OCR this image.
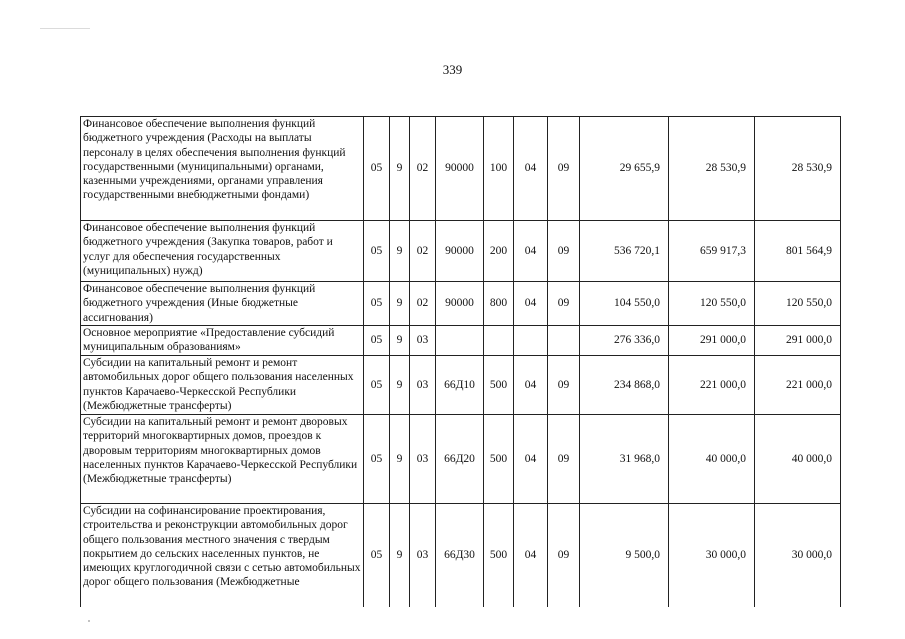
339
Финансовое обеспечение выполнения функций бюджетного учреждения (Расходы на выплаты персоналу в целях обеспечения выполнения функций государственными (муниципальными) органами, казенными учреждениями, органами управления государственными внебюджетными фондами)	05	9	02	90000	100	04	09	29 655,9	28 530,9	28 530,9
Финансовое обеспечение выполнения функций бюджетного учреждения (Закупка товаров, работ и услуг для обеспечения государственных (муниципальных) нужд)	05	9	02	90000	200	04	09	536 720,1	659 917,3	801 564,9
Финансовое обеспечение выполнения функций бюджетного учреждения (Иные бюджетные ассигнования)	05	9	02	90000	800	04	09	104 550,0	120 550,0	120 550,0
Основное мероприятие «Предоставление субсидий муниципальным образованиям»	05	9	03					276 336,0	291 000,0	291 000,0
Субсидии на капитальный ремонт и ремонт автомобильных дорог общего пользования населенных пунктов Карачаево-Черкесской Республики (Межбюджетные трансферты)	05	9	03	66Д10	500	04	09	234 868,0	221 000,0	221 000,0
Субсидии на капитальный ремонт и ремонт дворовых территорий многоквартирных домов, проездов к дворовым территориям многоквартирных домов населенных пунктов Карачаево-Черкесской Республики (Межбюджетные трансферты)	05	9	03	66Д20	500	04	09	31 968,0	40 000,0	40 000,0
Субсидии на софинансирование проектирования, строительства и реконструкции автомобильных дорог общего пользования местного значения с твердым покрытием до сельских населенных пунктов, не имеющих круглогодичной связи с сетью автомобильных дорог общего пользования (Межбюджетные	05	9	03	66Д30	500	04	09	9 500,0	30 000,0	30 000,0
